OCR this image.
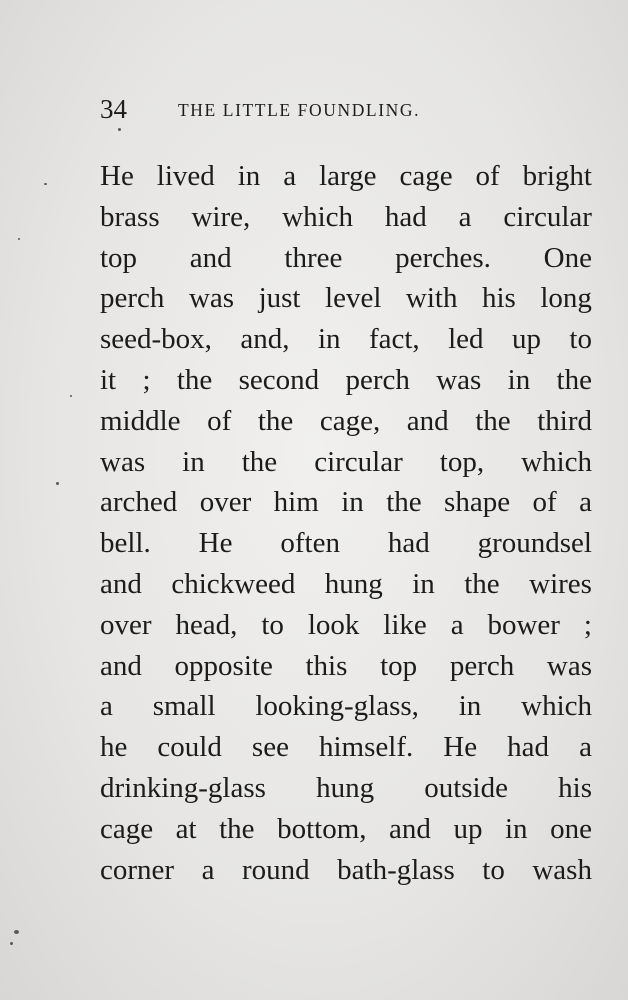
34	THE LITTLE FOUNDLING.
He lived in a large cage of bright
brass wire, which had a circular
top and three perches. One
perch was just level with his long
seed-box, and, in fact, led up to
it ; the second perch was in the
middle of the cage, and the third
was in the circular top, which
arched over him in the shape of a
bell. He often had groundsel
and chickweed hung in the wires
over head, to look like a bower ;
and opposite this top perch was
a small looking-glass, in which
he could see himself. He had a
drinking-glass hung outside his
cage at the bottom, and up in one
corner a round bath-glass to wash
